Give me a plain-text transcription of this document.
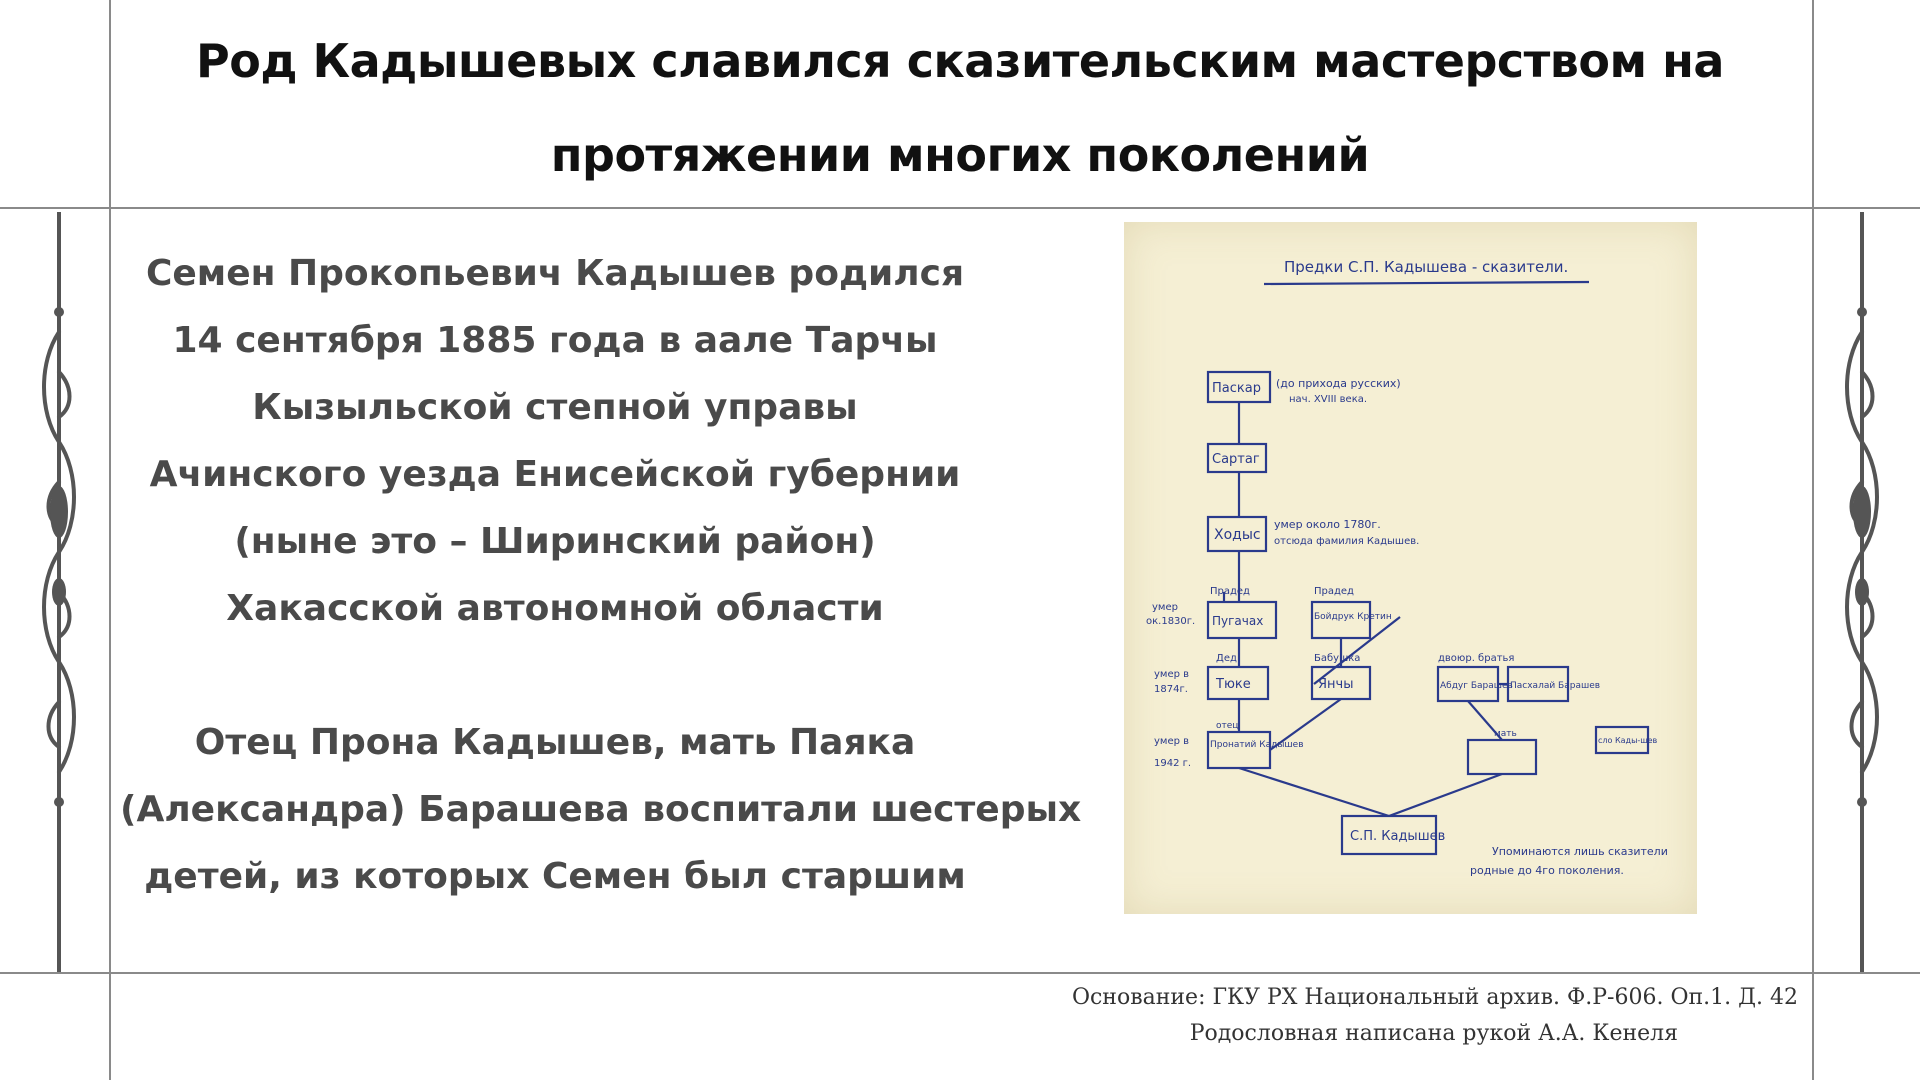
Род Кадышевых славился сказительским мастерством на
протяжении многих поколений
Семен Прокопьевич Кадышев родился
14 сентября 1885 года в аале Тарчы
Кызыльской степной управы
Ачинского уезда Енисейской губернии
(ныне это – Ширинский район)
Хакасской автономной области
Отец Прона Кадышев, мать Паяка
(Александра) Барашева воспитали шестерых
детей, из которых Семен был старшим
Предки С.П. Кадышева - сказители.
Паскар (до прихода русских)
нач. XVIII века.
Сартаг
Ходыс
умер около 1780г.
отсюда фамилия Кадышев.
Прадед	Прадед
Пугачах	Бойдрук Кретин
умер
ок.1830г.
Дед	Бабушка	двоюр. братья
Тюке	Янчы	Абдуг Барашев
Пасхалай Барашев
умер в
1874г.
отец
мать
Пронатий Кадышев
умер в
1942 г.
сло Кады-шев
С.П. Кадышев
Упоминаются лишь сказители
родные до 4го поколения.
Основание: ГКУ РХ Национальный архив. Ф.Р-606. Оп.1. Д. 42

Родословная написана рукой А.А. Кенеля
